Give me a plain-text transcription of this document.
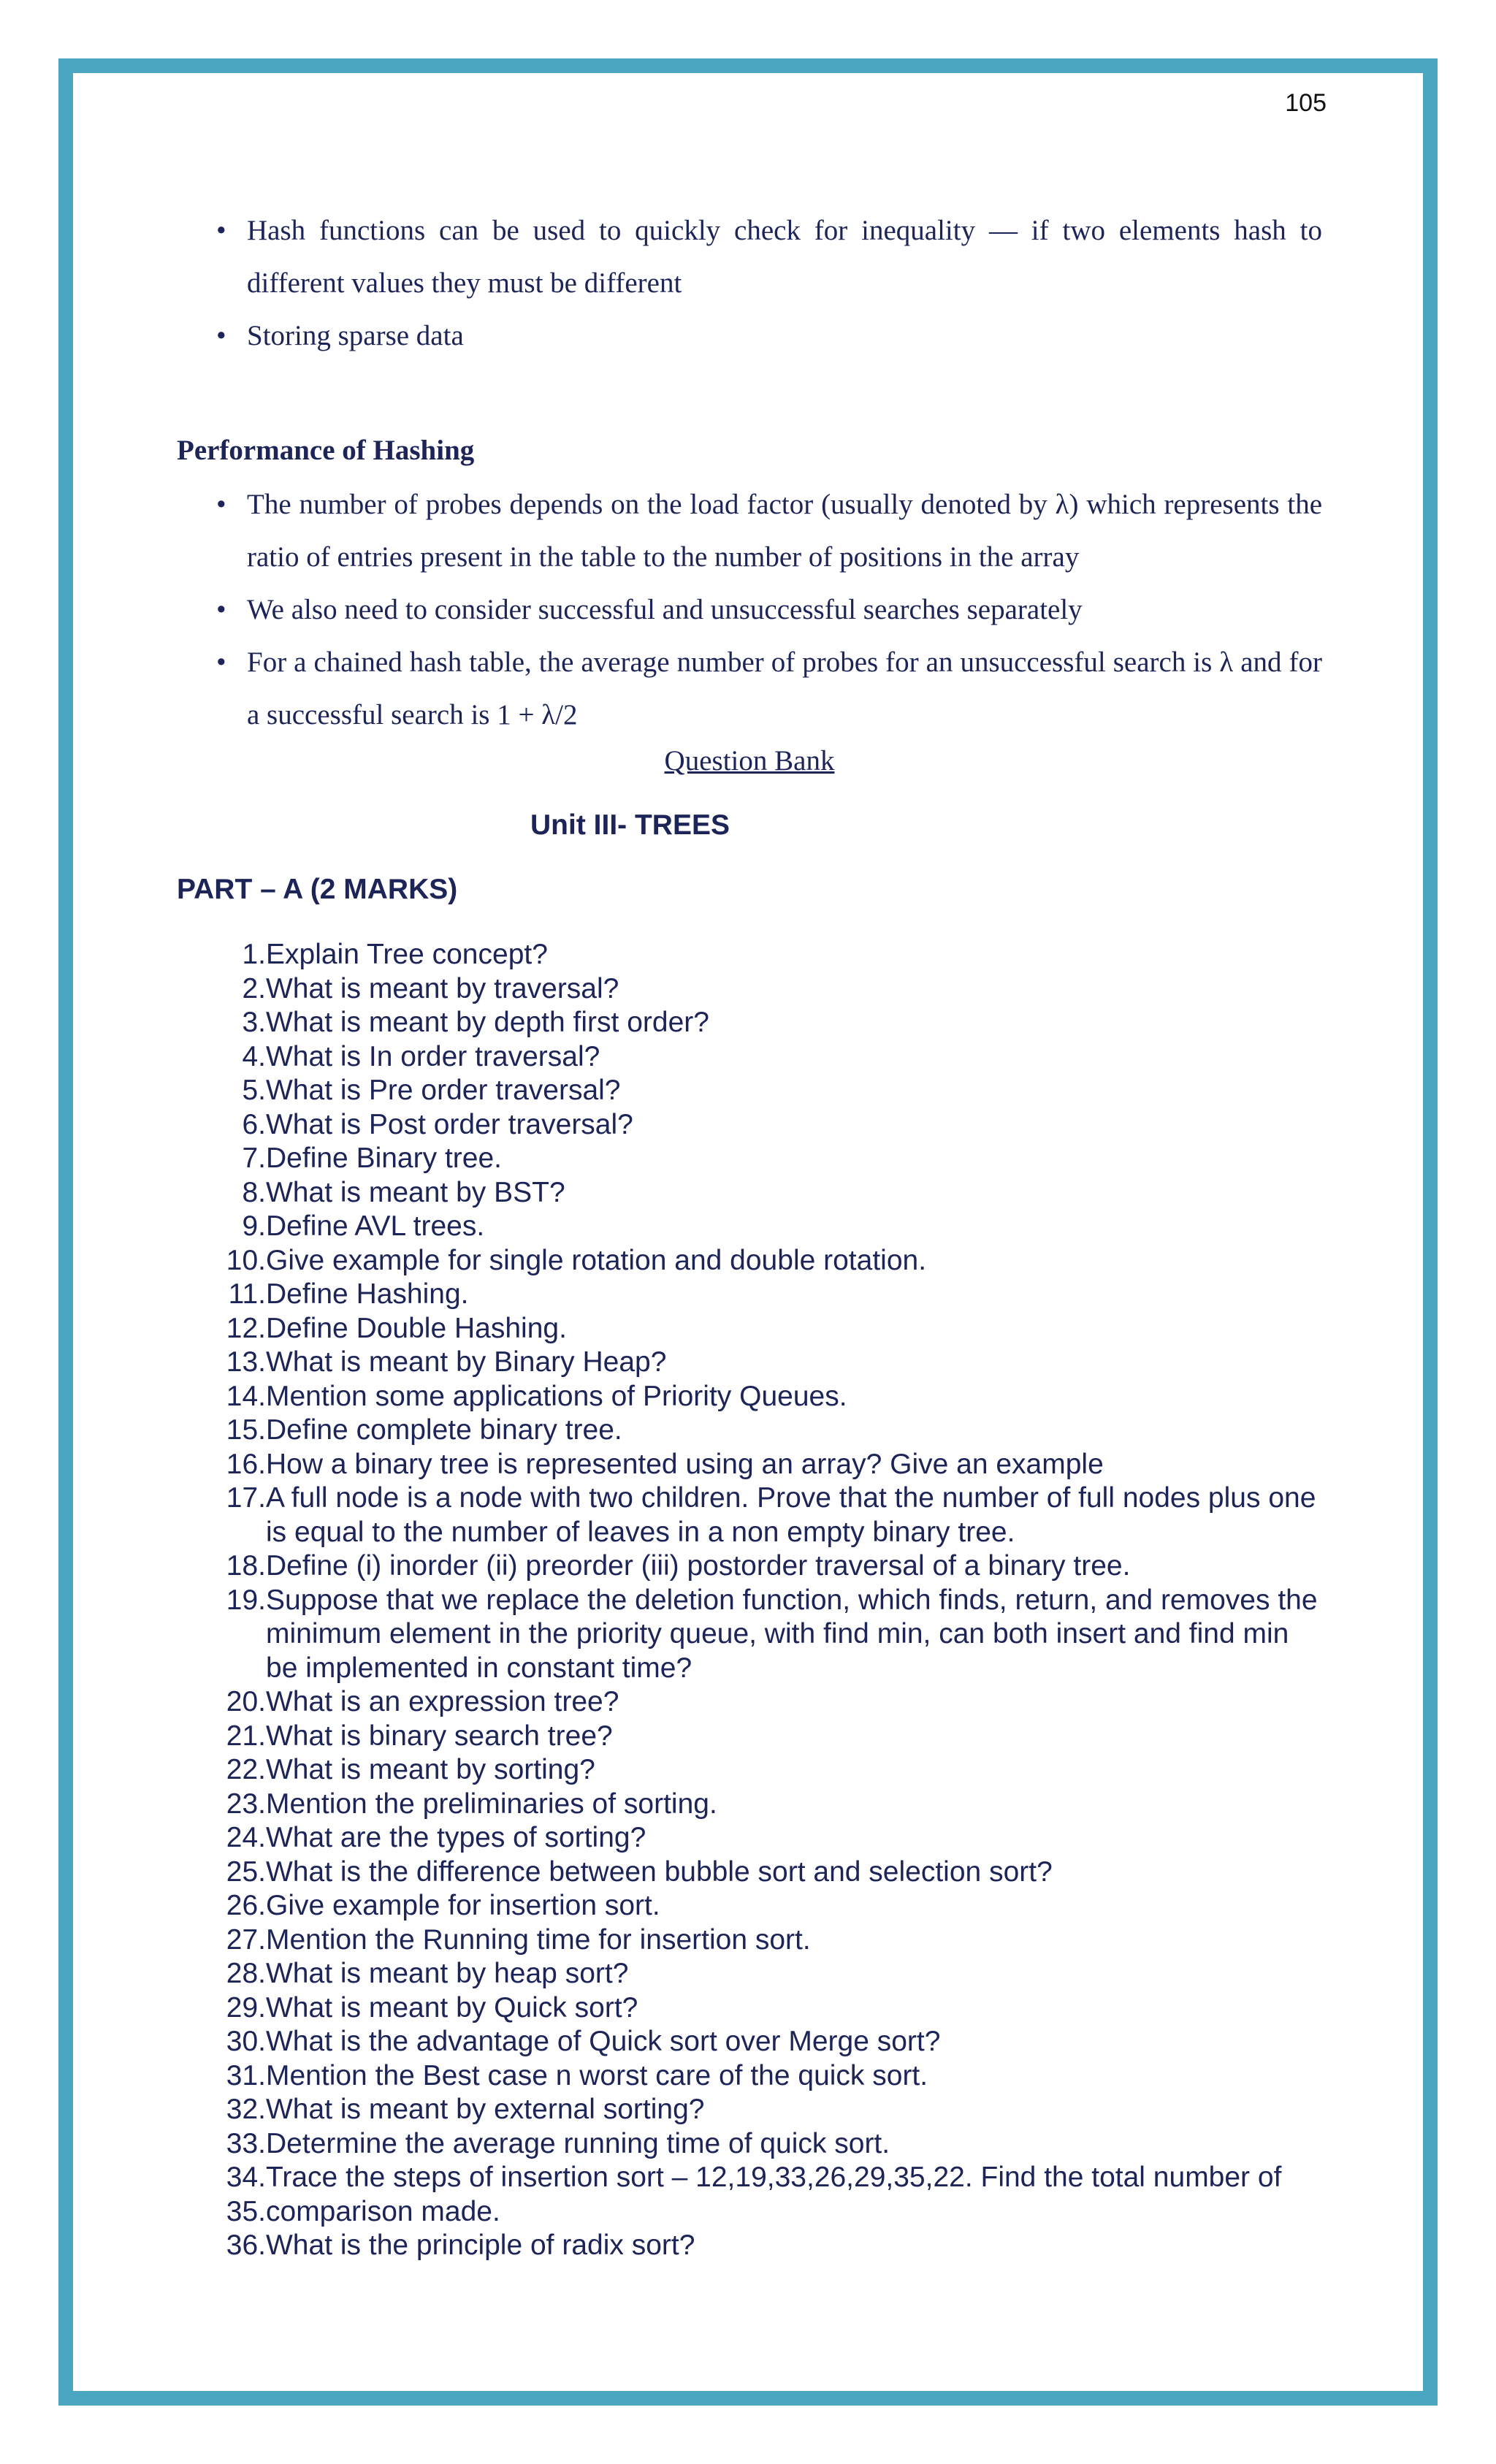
105
• Hash functions can be used to quickly check for inequality — if two elements hash to different values they must be different
• Storing sparse data
Performance of Hashing
• The number of probes depends on the load factor (usually denoted by λ) which represents the ratio of entries present in the table to the number of positions in the array
• We also need to consider successful and unsuccessful searches separately
• For a chained hash table, the average number of probes for an unsuccessful search is λ and for a successful search is 1 + λ/2
Question Bank
Unit III- TREES
PART – A (2 MARKS)
1. Explain Tree concept?
2. What is meant by traversal?
3. What is meant by depth first order?
4. What is In order traversal?
5. What is Pre order traversal?
6. What is Post order traversal?
7. Define Binary tree.
8. What is meant by BST?
9. Define AVL trees.
10. Give example for single rotation and double rotation.
11. Define Hashing.
12. Define Double Hashing.
13. What is meant by Binary Heap?
14. Mention some applications of Priority Queues.
15. Define complete binary tree.
16. How a binary tree is represented using an array? Give an example
17. A full node is a node with two children. Prove that the number of full nodes plus one is equal to the number of leaves in a non empty binary tree.
18. Define (i) inorder (ii) preorder (iii) postorder traversal of a binary tree.
19. Suppose that we replace the deletion function, which finds, return, and removes the minimum element in the priority queue, with find min, can both insert and find min be implemented in constant time?
20. What is an expression tree?
21. What is binary search tree?
22. What is meant by sorting?
23. Mention the preliminaries of sorting.
24. What are the types of sorting?
25. What is the difference between bubble sort and selection sort?
26. Give example for insertion sort.
27. Mention the Running time for insertion sort.
28. What is meant by heap sort?
29. What is meant by Quick sort?
30. What is the advantage of Quick sort over Merge sort?
31. Mention the Best case n worst care of the quick sort.
32. What is meant by external sorting?
33. Determine the average running time of quick sort.
34. Trace the steps of insertion sort – 12,19,33,26,29,35,22. Find the total number of
35. comparison made.
36. What is the principle of radix sort?
